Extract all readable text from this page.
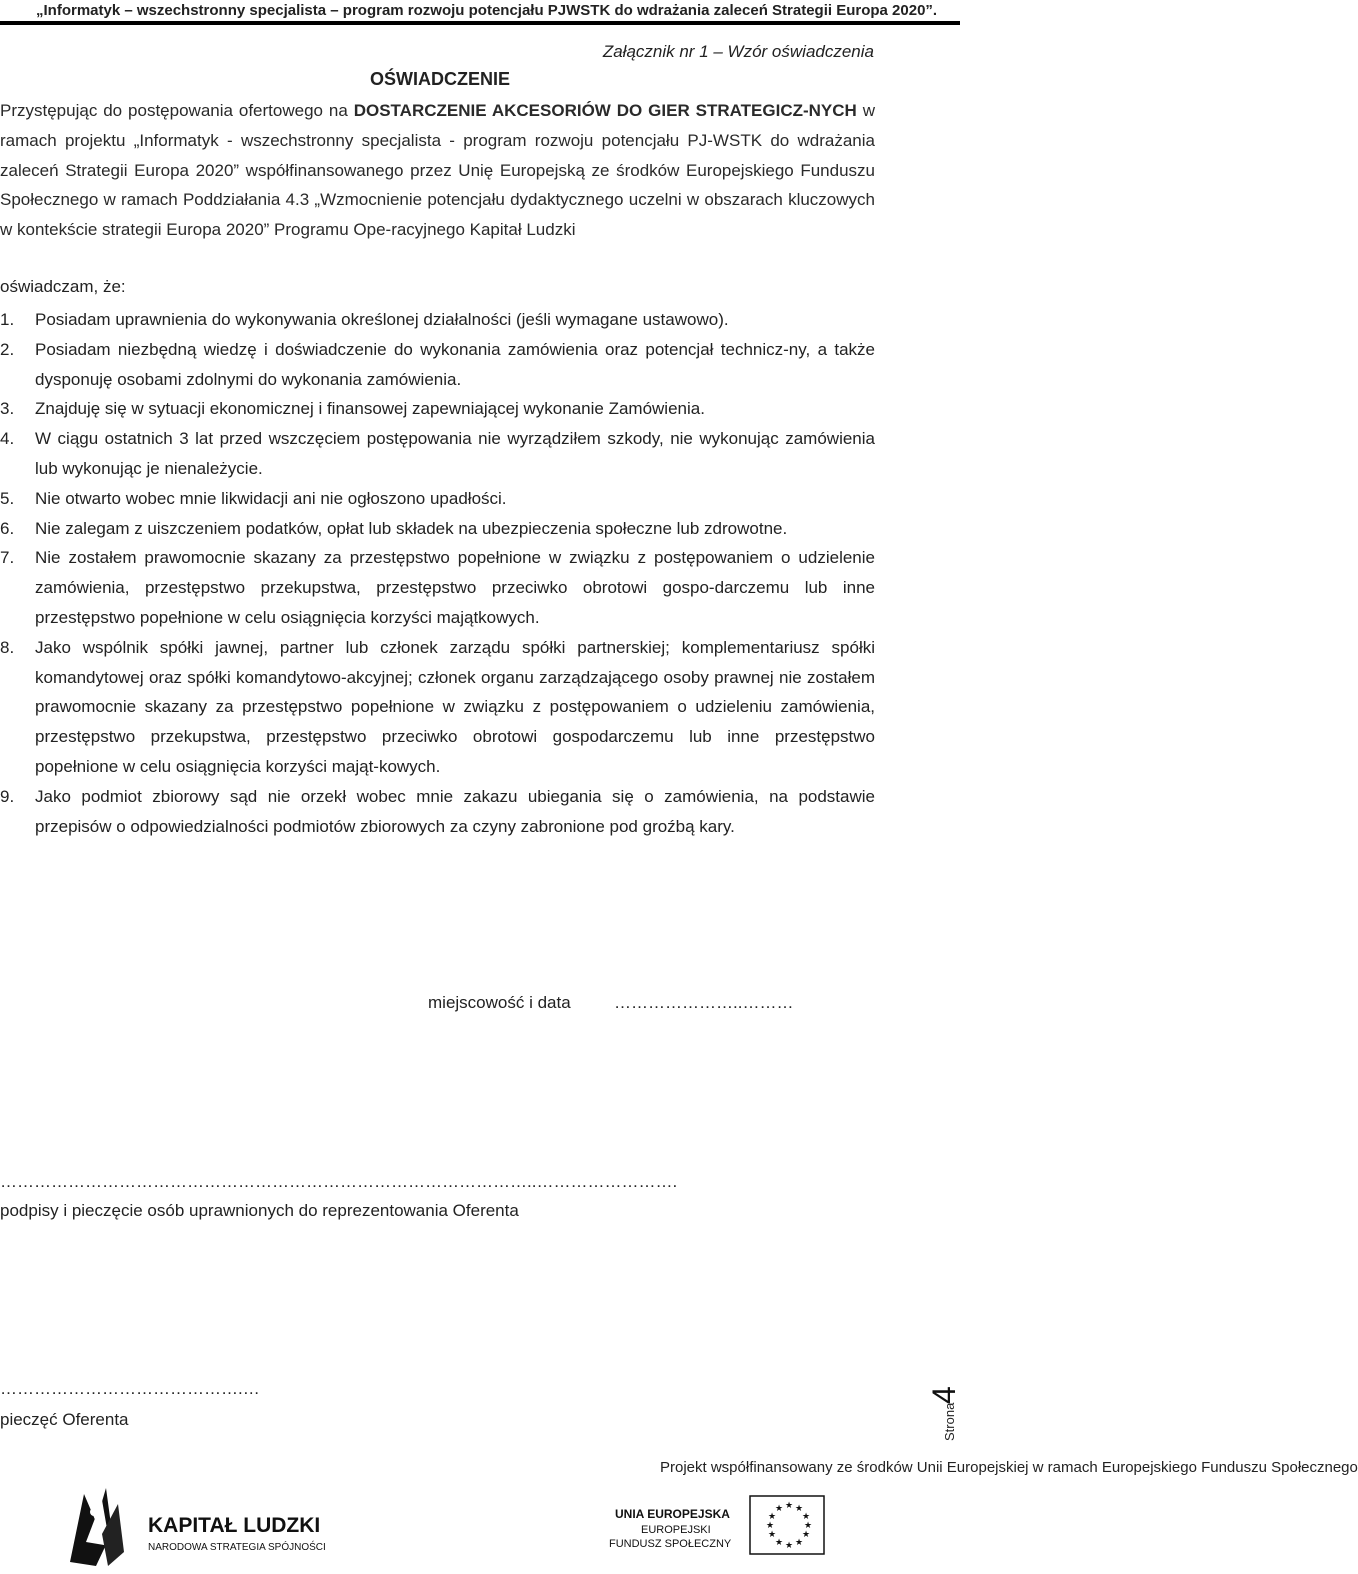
„Informatyk – wszechstronny specjalista – program rozwoju potencjału PJWSTK do wdrażania zaleceń Strategii Europa 2020”.
Załącznik nr 1 – Wzór oświadczenia
OŚWIADCZENIE
Przystępując do postępowania ofertowego na DOSTARCZENIE AKCESORIÓW DO GIER STRATEGICZ-NYCH w ramach projektu „Informatyk - wszechstronny specjalista - program rozwoju potencjału PJ-WSTK do wdrażania zaleceń Strategii Europa 2020” współfinansowanego przez Unię Europejską ze środków Europejskiego Funduszu Społecznego w ramach Poddziałania 4.3 „Wzmocnienie potencjału dydaktycznego uczelni w obszarach kluczowych w kontekście strategii Europa 2020” Programu Ope-racyjnego Kapitał Ludzki
oświadczam, że:
1. Posiadam uprawnienia do wykonywania określonej działalności (jeśli wymagane ustawowo).
2. Posiadam niezbędną wiedzę i doświadczenie do wykonania zamówienia oraz potencjał technicz-ny, a także dysponuję osobami zdolnymi do wykonania zamówienia.
3. Znajduję się w sytuacji ekonomicznej i finansowej zapewniającej wykonanie Zamówienia.
4. W ciągu ostatnich 3 lat przed wszczęciem postępowania nie wyrządziłem szkody, nie wykonując zamówienia lub wykonując je nienależycie.
5. Nie otwarto wobec mnie likwidacji ani nie ogłoszono upadłości.
6. Nie zalegam z uiszczeniem podatków, opłat lub składek na ubezpieczenia społeczne lub zdrowotne.
7. Nie zostałem prawomocnie skazany za przestępstwo popełnione w związku z postępowaniem o udzielenie zamówienia, przestępstwo przekupstwa, przestępstwo przeciwko obrotowi gospo-darczemu lub inne przestępstwo popełnione w celu osiągnięcia korzyści majątkowych.
8. Jako wspólnik spółki jawnej, partner lub członek zarządu spółki partnerskiej; komplementariusz spółki komandytowej oraz spółki komandytowo-akcyjnej; członek organu zarządzającego osoby prawnej nie zostałem prawomocnie skazany za przestępstwo popełnione w związku z postępowaniem o udzieleniu zamówienia, przestępstwo przekupstwa, przestępstwo przeciwko obrotowi gospodarczemu lub inne przestępstwo popełnione w celu osiągnięcia korzyści mająt-kowych.
9. Jako podmiot zbiorowy sąd nie orzekł wobec mnie zakazu ubiegania się o zamówienia, na podstawie przepisów o odpowiedzialności podmiotów zbiorowych za czyny zabronione pod groźbą kary.
miejscowość i data	…………………..………
…………………………………………………………………………………..…………………….
podpisy i pieczęcie osób uprawnionych do reprezentowania Oferenta
…………………………………….…
pieczęć Oferenta	Strona
4
Projekt współfinansowany ze środków Unii Europejskiej w ramach Europejskiego Funduszu Społecznego
KAPITAŁ LUDZKI
NARODOWA STRATEGIA SPÓJNOŚCI
UNIA EUROPEJSKA
EUROPEJSKI
FUNDUSZ SPOŁECZNY
★ ★
★
★
★
★
★
★
★
★
★
★
